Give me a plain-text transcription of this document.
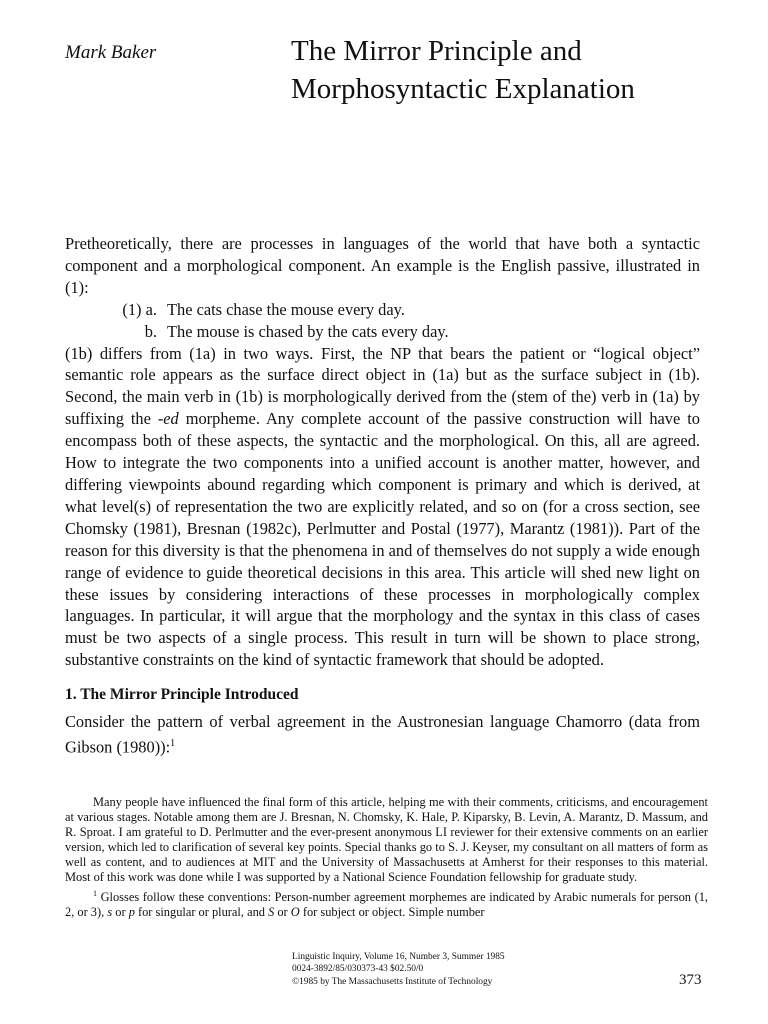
Mark Baker	The Mirror Principle and
Morphosyntactic Explanation

Pretheoretically, there are processes in languages of the world that have both a syntactic component and a morphological component. An example is the English passive, illustrated in (1):

(1) a. The cats chase the mouse every day.
b. The mouse is chased by the cats every day.

(1b) differs from (1a) in two ways. First, the NP that bears the patient or “logical object” semantic role appears as the surface direct object in (1a) but as the surface subject in (1b). Second, the main verb in (1b) is morphologically derived from the (stem of the) verb in (1a) by suffixing the -ed morpheme. Any complete account of the passive construction will have to encompass both of these aspects, the syntactic and the morphological. On this, all are agreed. How to integrate the two components into a unified account is another matter, however, and differing viewpoints abound regarding which component is primary and which is derived, at what level(s) of representation the two are explicitly related, and so on (for a cross section, see Chomsky (1981), Bresnan (1982c), Perlmutter and Postal (1977), Marantz (1981)). Part of the reason for this diversity is that the phenomena in and of themselves do not supply a wide enough range of evidence to guide theoretical decisions in this area. This article will shed new light on these issues by considering interactions of these processes in morphologically complex languages. In particular, it will argue that the morphology and the syntax in this class of cases must be two aspects of a single process. This result in turn will be shown to place strong, substantive constraints on the kind of syntactic framework that should be adopted.

1. The Mirror Principle Introduced

Consider the pattern of verbal agreement in the Austronesian language Chamorro (data from Gibson (1980)):$^1$

Many people have influenced the final form of this article, helping me with their comments, criticisms, and encouragement at various stages. Notable among them are J. Bresnan, N. Chomsky, K. Hale, P. Kiparsky, B. Levin, A. Marantz, D. Massum, and R. Sproat. I am grateful to D. Perlmutter and the ever-present anonymous LI reviewer for their extensive comments on an earlier version, which led to clarification of several key points. Special thanks go to S. J. Keyser, my consultant on all matters of form as well as content, and to audiences at MIT and the University of Massachusetts at Amherst for their responses to this material. Most of this work was done while I was supported by a National Science Foundation fellowship for graduate study.

$^1$ Glosses follow these conventions: Person-number agreement morphemes are indicated by Arabic numerals for person (1, 2, or 3), s or p for singular or plural, and S or O for subject or object. Simple number

Linguistic Inquiry, Volume 16, Number 3, Summer 1985
0024-3892/85/030373-43 $02.50/0
©1985 by The Massachusetts Institute of Technology	373
